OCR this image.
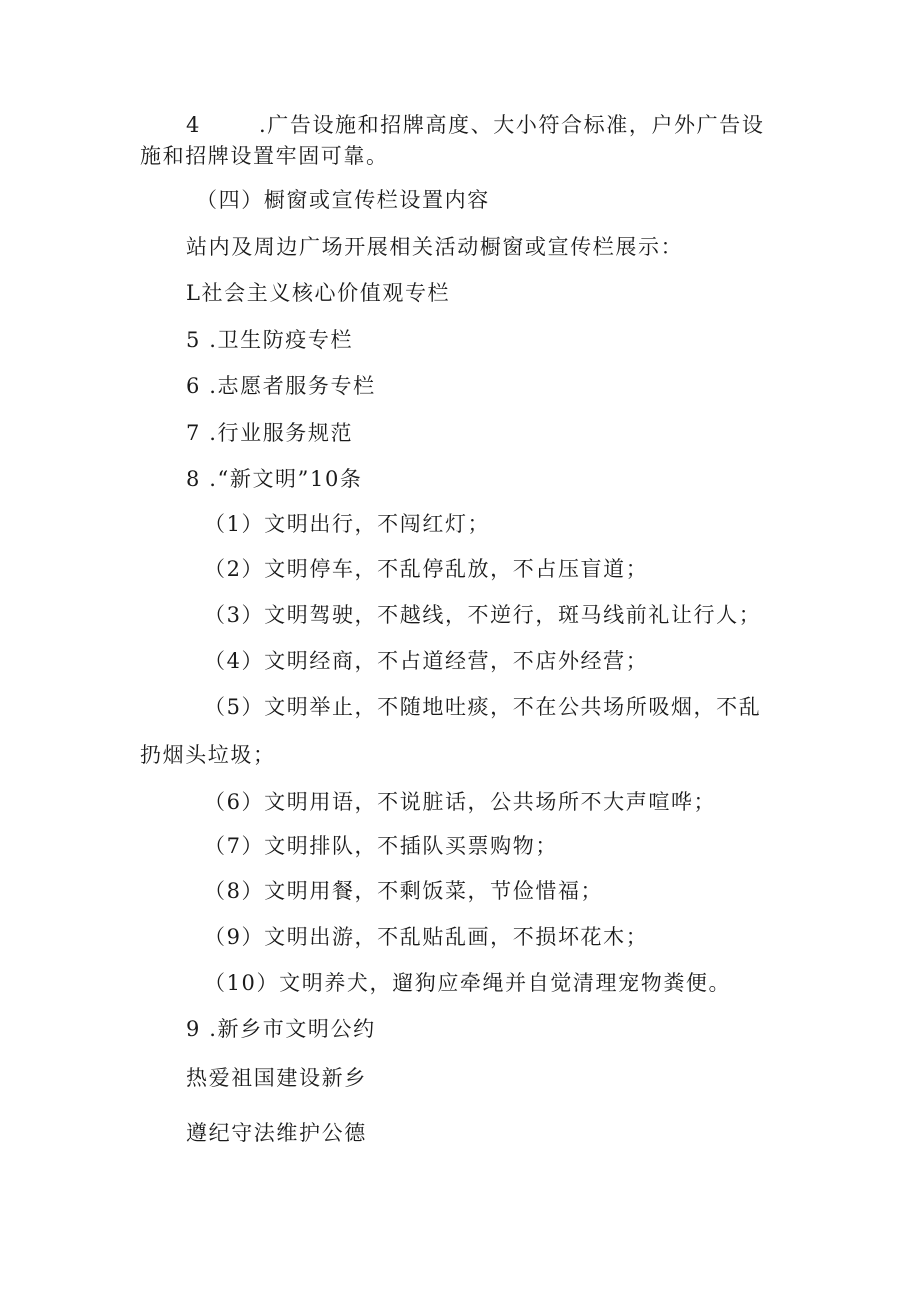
4	.广告设施和招牌高度、大小符合标准，户外广告设
施和招牌设置牢固可靠。
（四）橱窗或宣传栏设置内容
站内及周边广场开展相关活动橱窗或宣传栏展示：
L社会主义核心价值观专栏
5 .卫生防疫专栏
6 .志愿者服务专栏
7 .行业服务规范
8 .“新文明”10条
（1）文明出行，不闯红灯；
（2）文明停车，不乱停乱放，不占压盲道；
（3）文明驾驶，不越线，不逆行，斑马线前礼让行人；
（4）文明经商，不占道经营，不店外经营；
（5）文明举止，不随地吐痰，不在公共场所吸烟，不乱
扔烟头垃圾；
（6）文明用语，不说脏话，公共场所不大声喧哗；
（7）文明排队，不插队买票购物；
（8）文明用餐，不剩饭菜，节俭惜福；
（9）文明出游，不乱贴乱画，不损坏花木；
（10）文明养犬，遛狗应牵绳并自觉清理宠物粪便。
9 .新乡市文明公约
热爱祖国建设新乡
遵纪守法维护公德
